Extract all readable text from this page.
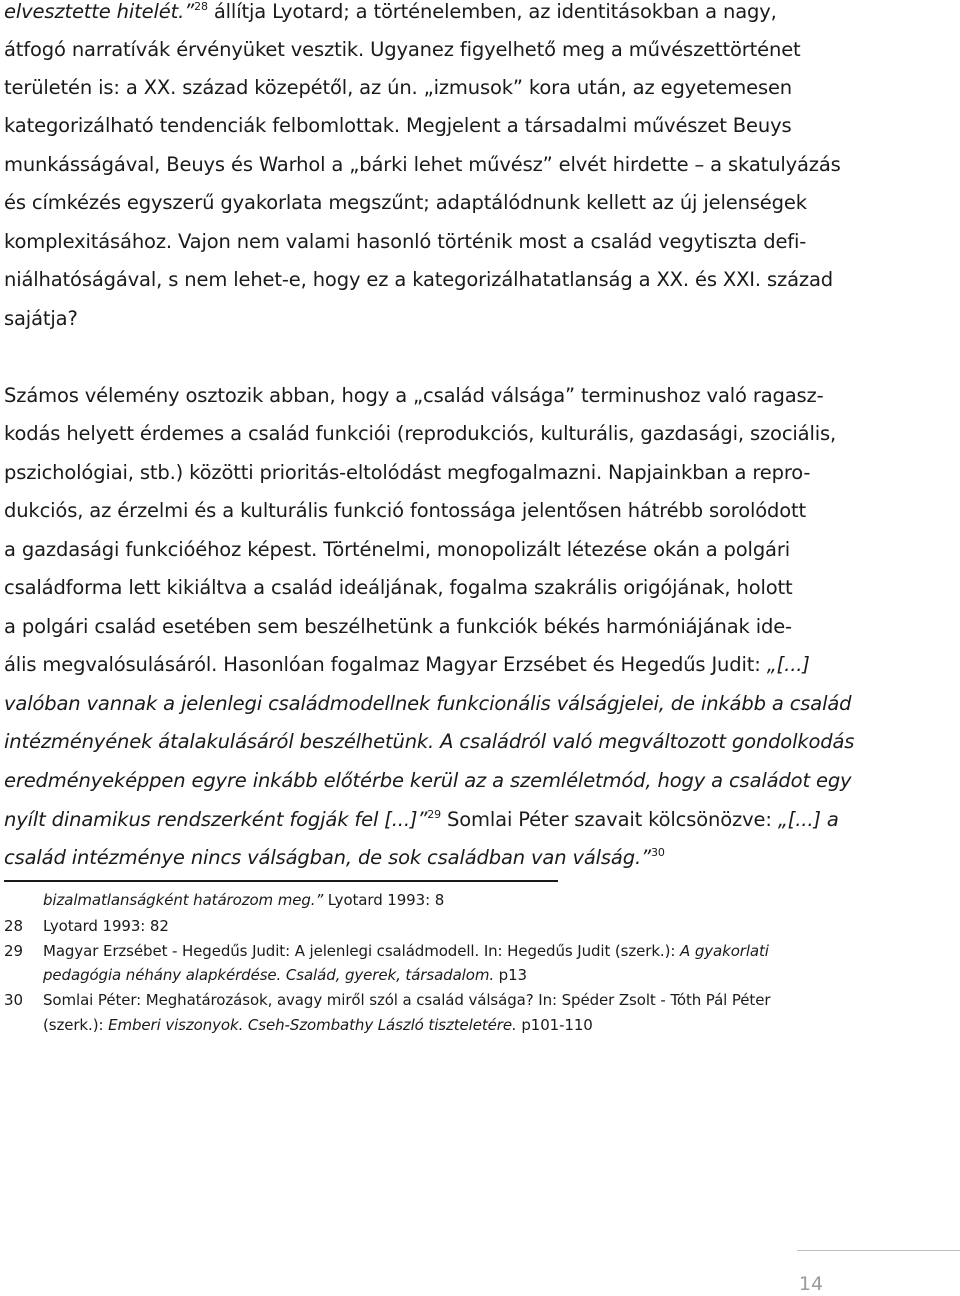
elvesztette hitelét.”$^{28}$ állítja Lyotard; a történelemben, az identitásokban a nagy,
átfogó narratívák érvényüket vesztik. Ugyanez figyelhető meg a művészettörténet
területén is: a XX. század közepétől, az ún. „izmusok” kora után, az egyetemesen
kategorizálható tendenciák felbomlottak. Megjelent a társadalmi művészet Beuys
munkásságával, Beuys és Warhol a „bárki lehet művész” elvét hirdette – a skatulyázás
és címkézés egyszerű gyakorlata megszűnt; adaptálódnunk kellett az új jelenségek
komplexitásához. Vajon nem valami hasonló történik most a család vegytiszta defi-
niálhatóságával, s nem lehet-e, hogy ez a kategorizálhatatlanság a XX. és XXI. század
sajátja?
Számos vélemény osztozik abban, hogy a „család válsága” terminushoz való ragasz-
kodás helyett érdemes a család funkciói (reprodukciós, kulturális, gazdasági, szociális,
pszichológiai, stb.) közötti prioritás-eltolódást megfogalmazni. Napjainkban a repro-
dukciós, az érzelmi és a kulturális funkció fontossága jelentősen hátrébb sorolódott
a gazdasági funkcióéhoz képest. Történelmi, monopolizált létezése okán a polgári
családforma lett kikiáltva a család ideáljának, fogalma szakrális origójának, holott
a polgári család esetében sem beszélhetünk a funkciók békés harmóniájának ide-
ális megvalósulásáról. Hasonlóan fogalmaz Magyar Erzsébet és Hegedűs Judit: „[...]
valóban vannak a jelenlegi családmodellnek funkcionális válságjelei, de inkább a család
intézményének átalakulásáról beszélhetünk. A családról való megváltozott gondolkodás
eredményeképpen egyre inkább előtérbe kerül az a szemléletmód, hogy a családot egy
nyílt dinamikus rendszerként fogják fel [...]”$^{29}$ Somlai Péter szavait kölcsönözve: „[...] a
család intézménye nincs válságban, de sok családban van válság.”$^{30}$
bizalmatlanságként határozom meg.” Lyotard 1993: 8
28	Lyotard 1993: 82
29	Magyar Erzsébet - Hegedűs Judit: A jelenlegi családmodell. In: Hegedűs Judit (szerk.): A gyakorlati
pedagógia néhány alapkérdése. Család, gyerek, társadalom. p13
30	Somlai Péter: Meghatározások, avagy miről szól a család válsága? In: Spéder Zsolt - Tóth Pál Péter
(szerk.): Emberi viszonyok. Cseh-Szombathy László tiszteletére. p101-110
14
